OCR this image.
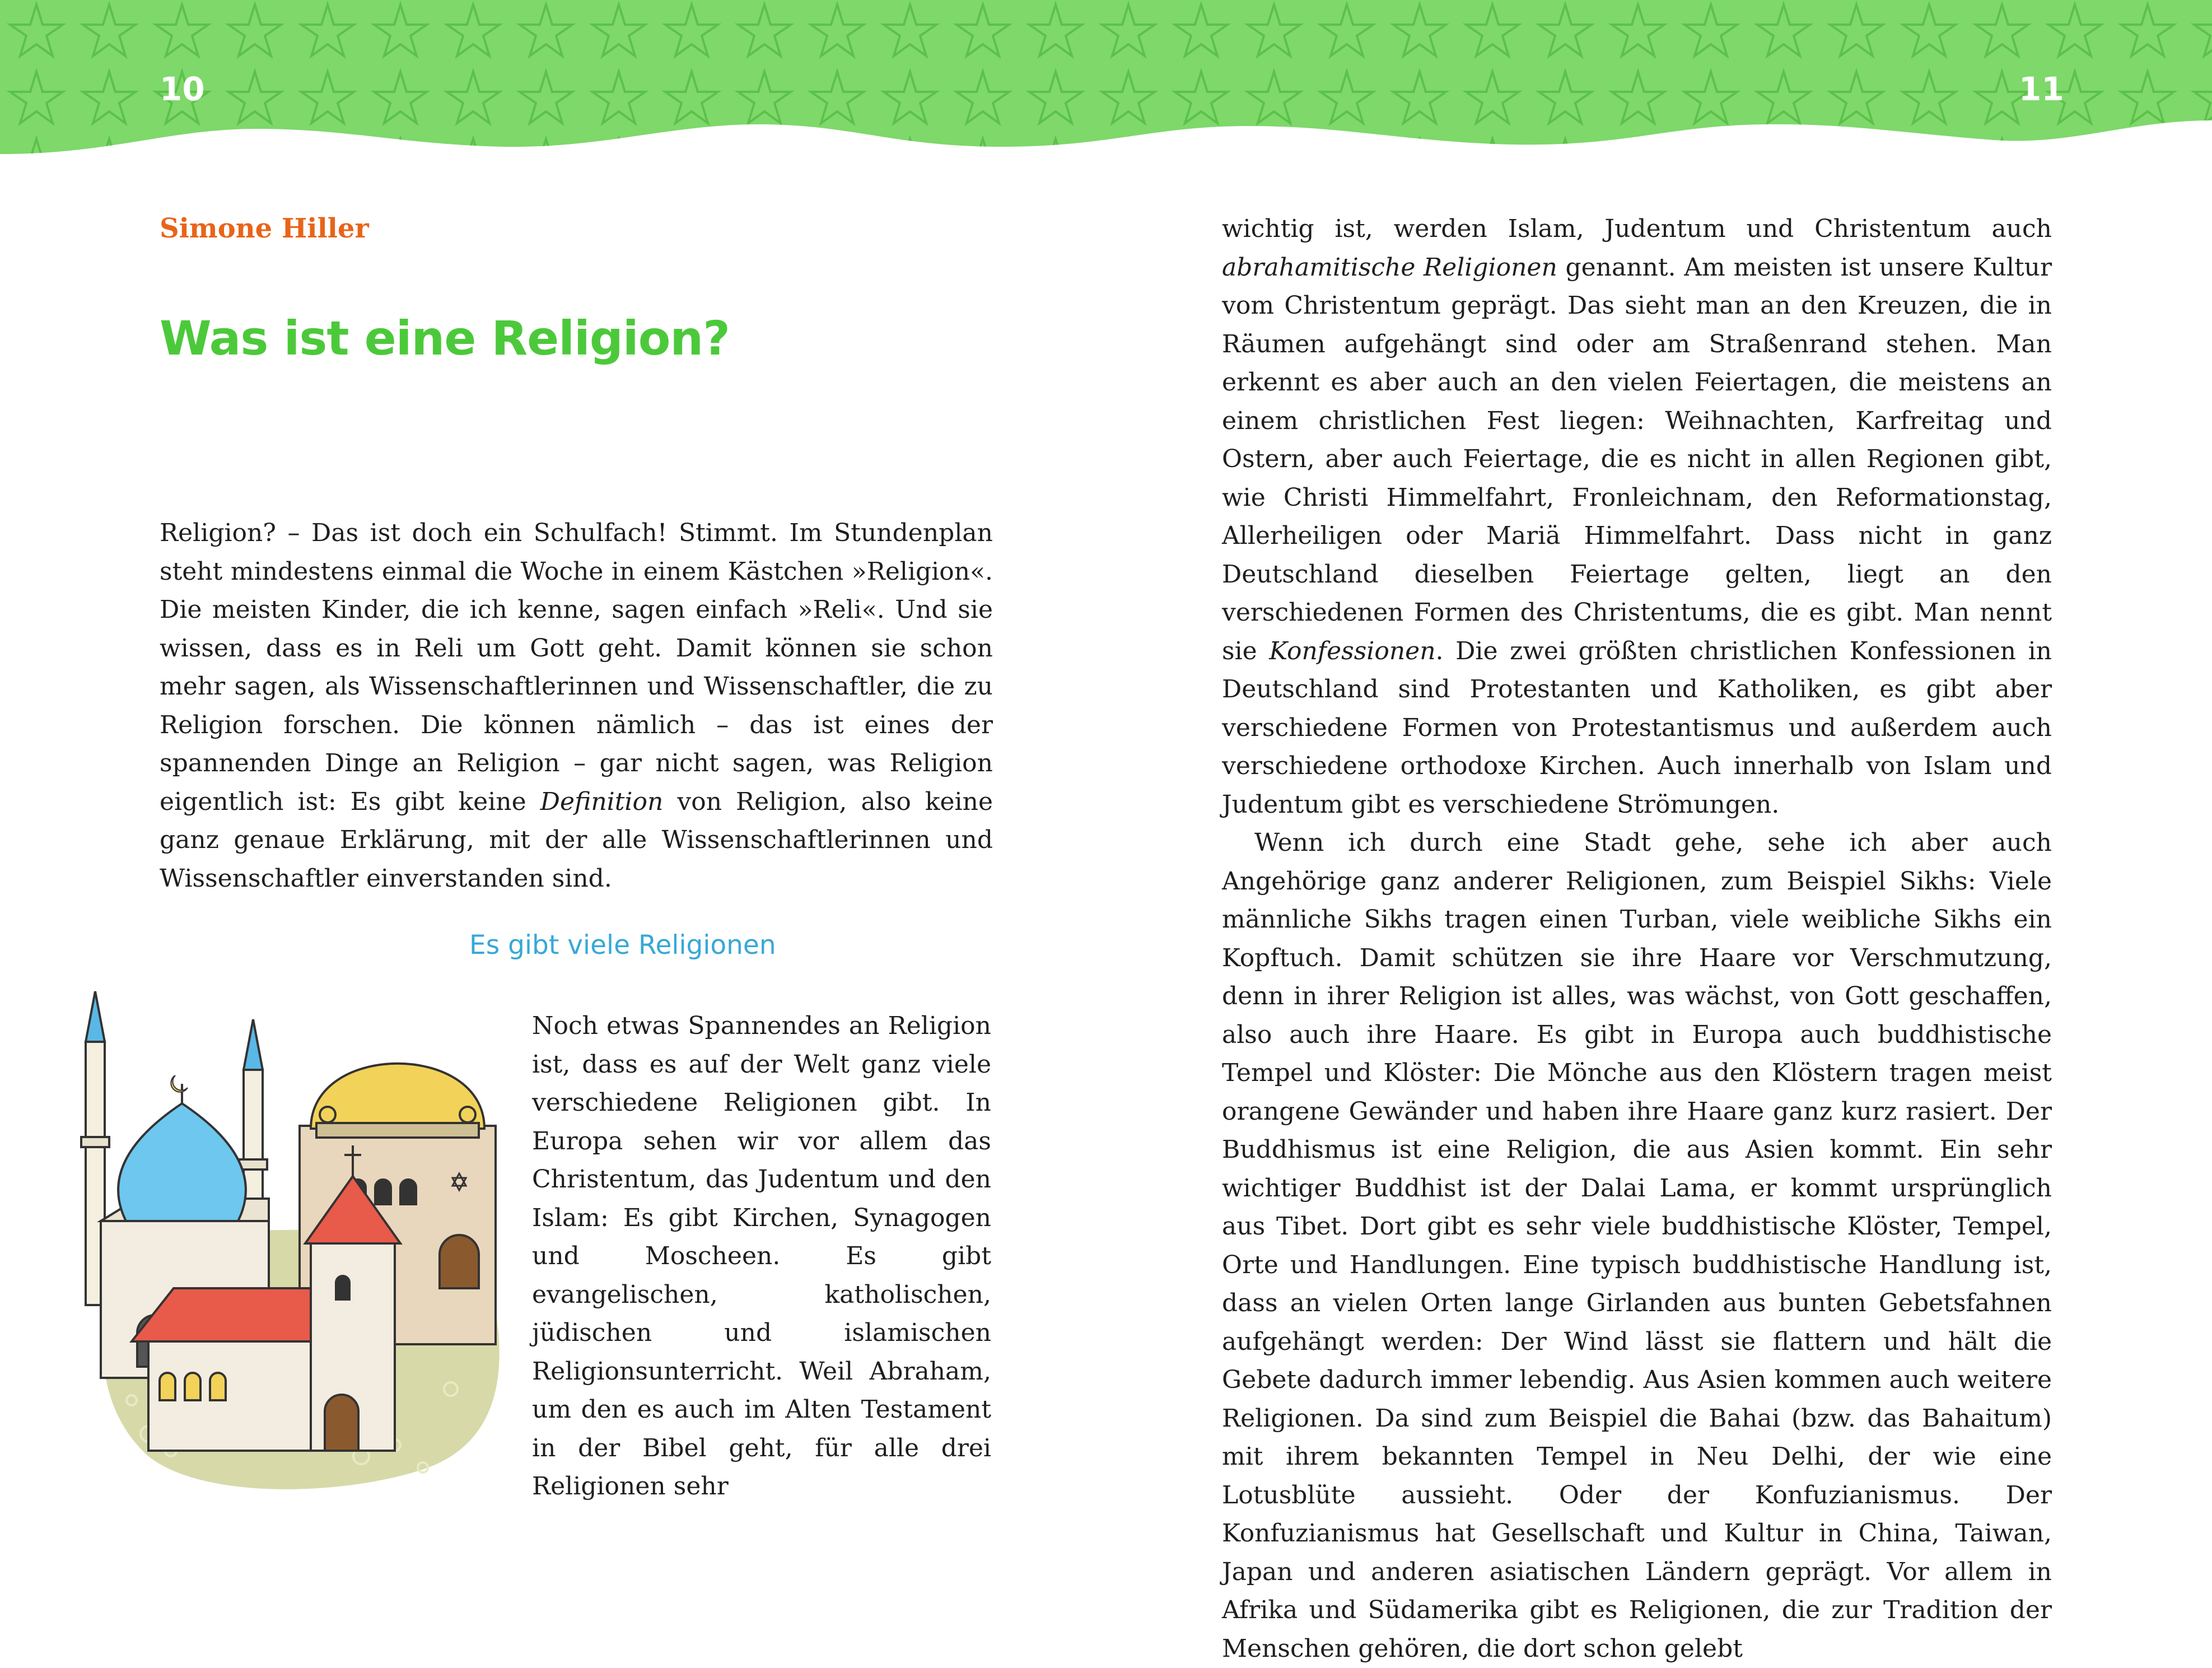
10	11
Simone Hiller
Was ist eine Religion?

Religion? – Das ist doch ein Schulfach! Stimmt. Im Stundenplan steht mindestens einmal die Woche in einem Kästchen »Religion«. Die meisten Kinder, die ich kenne, sagen einfach »Reli«. Und sie wissen, dass es in Reli um Gott geht. Damit können sie schon mehr sagen, als Wissenschaftlerinnen und Wissenschaftler, die zu Religion forschen. Die können nämlich – das ist eines der spannenden Dinge an Religion – gar nicht sagen, was Religion eigentlich ist: Es gibt keine Definition von Religion, also keine ganz genaue Erklärung, mit der alle Wissenschaftlerinnen und Wissenschaftler einverstanden sind.

Es gibt viele Religionen

Noch etwas Spannendes an Religion ist, dass es auf der Welt ganz viele verschiedene Religionen gibt. In Europa sehen wir vor allem das Christentum, das Judentum und den Islam: Es gibt Kirchen, Synagogen und Moscheen. Es gibt evangelischen, katholischen, jüdischen und islamischen Religionsunterricht. Weil Abraham, um den es auch im Alten Testament in der Bibel geht, für alle drei Religionen sehr

wichtig ist, werden Islam, Judentum und Christentum auch abrahamitische Religionen genannt. Am meisten ist unsere Kultur vom Christentum geprägt. Das sieht man an den Kreuzen, die in Räumen aufgehängt sind oder am Straßenrand stehen. Man erkennt es aber auch an den vielen Feiertagen, die meistens an einem christlichen Fest liegen: Weihnachten, Karfreitag und Ostern, aber auch Feiertage, die es nicht in allen Regionen gibt, wie Christi Himmelfahrt, Fronleichnam, den Reformationstag, Allerheiligen oder Mariä Himmelfahrt. Dass nicht in ganz Deutschland dieselben Feiertage gelten, liegt an den verschiedenen Formen des Christentums, die es gibt. Man nennt sie Konfessionen. Die zwei größten christlichen Konfessionen in Deutschland sind Protestanten und Katholiken, es gibt aber verschiedene Formen von Protestantismus und außerdem auch verschiedene orthodoxe Kirchen. Auch innerhalb von Islam und Judentum gibt es verschiedene Strömungen.

Wenn ich durch eine Stadt gehe, sehe ich aber auch Angehörige ganz anderer Religionen, zum Beispiel Sikhs: Viele männliche Sikhs tragen einen Turban, viele weibliche Sikhs ein Kopftuch. Damit schützen sie ihre Haare vor Verschmutzung, denn in ihrer Religion ist alles, was wächst, von Gott geschaffen, also auch ihre Haare. Es gibt in Europa auch buddhistische Tempel und Klöster: Die Mönche aus den Klöstern tragen meist orangene Gewänder und haben ihre Haare ganz kurz rasiert. Der Buddhismus ist eine Religion, die aus Asien kommt. Ein sehr wichtiger Buddhist ist der Dalai Lama, er kommt ursprünglich aus Tibet. Dort gibt es sehr viele buddhistische Klöster, Tempel, Orte und Handlungen. Eine typisch buddhistische Handlung ist, dass an vielen Orten lange Girlanden aus bunten Gebetsfahnen aufgehängt werden: Der Wind lässt sie flattern und hält die Gebete dadurch immer lebendig. Aus Asien kommen auch weitere Religionen. Da sind zum Beispiel die Bahai (bzw. das Bahaitum) mit ihrem bekannten Tempel in Neu Delhi, der wie eine Lotusblüte aussieht. Oder der Konfuzianismus. Der Konfuzianismus hat Gesellschaft und Kultur in China, Taiwan, Japan und anderen asiatischen Ländern geprägt. Vor allem in Afrika und Südamerika gibt es Religionen, die zur Tradition der Menschen gehören, die dort schon gelebt
